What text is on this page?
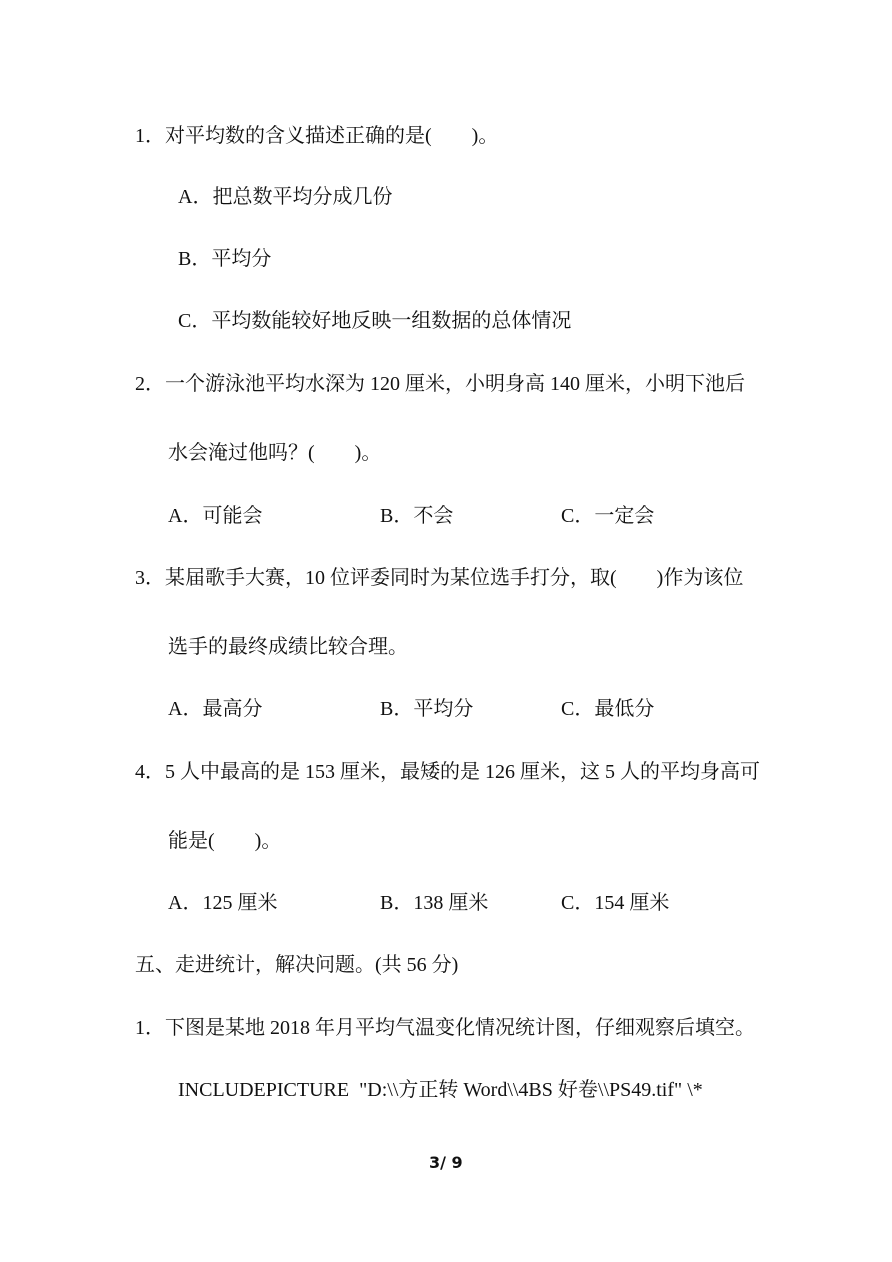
1．对平均数的含义描述正确的是(　　)。
A．把总数平均分成几份
B．平均分
C．平均数能较好地反映一组数据的总体情况
2．一个游泳池平均水深为 120 厘米，小明身高 140 厘米，小明下池后
水会淹过他吗？(　　)。
A．可能会	B．不会	C．一定会
3．某届歌手大赛，10 位评委同时为某位选手打分，取(　　)作为该位
选手的最终成绩比较合理。
A．最高分	B．平均分	C．最低分
4．5 人中最高的是 153 厘米，最矮的是 126 厘米，这 5 人的平均身高可
能是(　　)。
A．125 厘米	B．138 厘米	C．154 厘米
五、走进统计，解决问题。(共 56 分)
1．下图是某地 2018 年月平均气温变化情况统计图，仔细观察后填空。
INCLUDEPICTURE  "D:\\方正转 Word\\4BS 好卷\\PS49.tif" \*
3/ 9
